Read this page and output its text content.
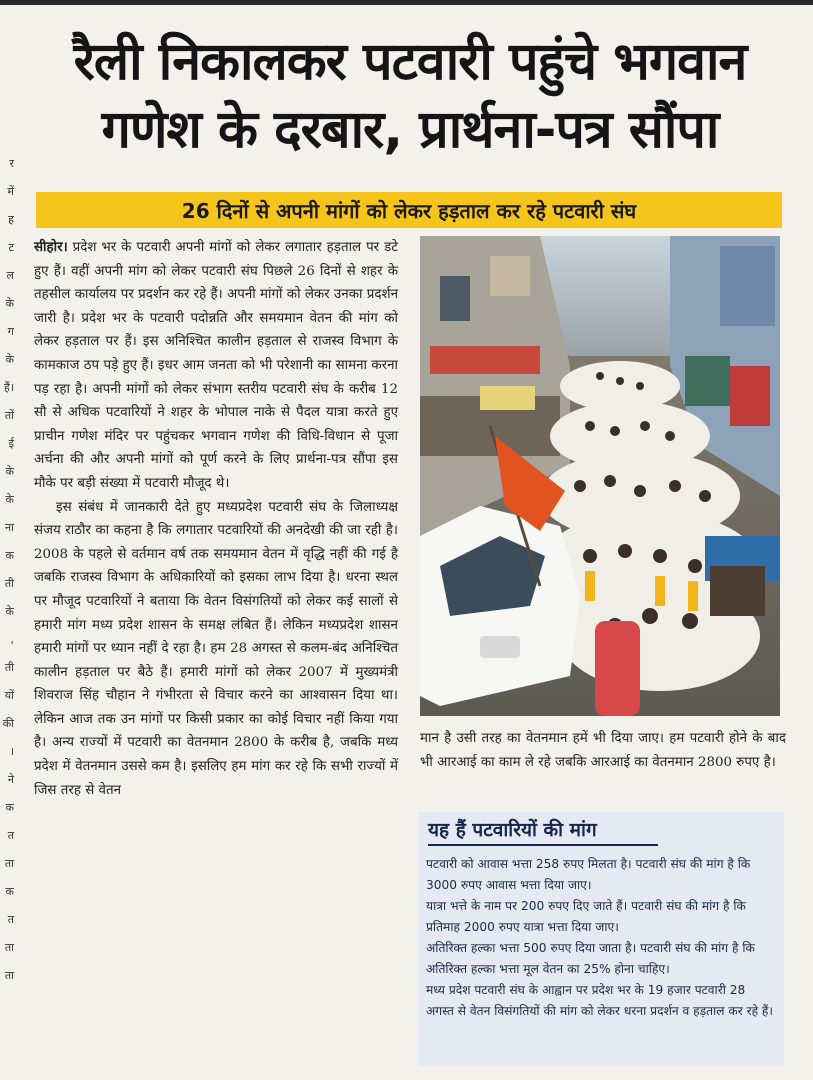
र
में
ह
ट
ल
के
ग
के
हैं।
तों
ई
के
के
ना
क
ती
के
,
ती
यों
की
।
ने
क
त
ता
क
त
ता
ता
रैली निकालकर पटवारी पहुंचे भगवान गणेश के दरबार, प्रार्थना-पत्र सौंपा
26 दिनों से अपनी मांगों को लेकर हड़ताल कर रहे पटवारी संघ

सीहोर। प्रदेश भर के पटवारी अपनी मांगों को लेकर लगातार हड़ताल पर डटे हुए हैं। वहीं अपनी मांग को लेकर पटवारी संघ पिछले 26 दिनों से शहर के तहसील कार्यालय पर प्रदर्शन कर रहे हैं। अपनी मांगों को लेकर उनका प्रदर्शन जारी है। प्रदेश भर के पटवारी पदोन्नति और समयमान वेतन की मांग को लेकर हड़ताल पर हैं। इस अनिश्चित कालीन हड़ताल से राजस्व विभाग के कामकाज ठप पड़े हुए हैं। इधर आम जनता को भी परेशानी का सामना करना पड़ रहा है। अपनी मांगों को लेकर संभाग स्तरीय पटवारी संघ के करीब 12 सौ से अधिक पटवारियों ने शहर के भोपाल नाके से पैदल यात्रा करते हुए प्राचीन गणेश मंदिर पर पहुंचकर भगवान गणेश की विधि-विधान से पूजा अर्चना की और अपनी मांगों को पूर्ण करने के लिए प्रार्थना-पत्र सौंपा इस मौके पर बड़ी संख्या में पटवारी मौजूद थे।

इस संबंध में जानकारी देते हुए मध्यप्रदेश पटवारी संघ के जिलाध्यक्ष संजय राठौर का कहना है कि लगातार पटवारियों की अनदेखी की जा रही है। 2008 के पहले से वर्तमान वर्ष तक समयमान वेतन में वृद्धि नहीं की गई है जबकि राजस्व विभाग के अधिकारियों को इसका लाभ दिया है। धरना स्थल पर मौजूद पटवारियों ने बताया कि वेतन विसंगतियों को लेकर कई सालों से हमारी मांग मध्य प्रदेश शासन के समक्ष लंबित हैं। लेकिन मध्यप्रदेश शासन हमारी मांगों पर ध्यान नहीं दे रहा है। हम 28 अगस्त से कलम-बंद अनिश्चित कालीन हड़ताल पर बैठे हैं। हमारी मांगों को लेकर 2007 में मुख्यमंत्री शिवराज सिंह चौहान ने गंभीरता से विचार करने का आश्वासन दिया था। लेकिन आज तक उन मांगों पर किसी प्रकार का कोई विचार नहीं किया गया है। अन्य राज्यों में पटवारी का वेतनमान 2800 के करीब है, जबकि मध्य प्रदेश में वेतनमान उससे कम है। इसलिए हम मांग कर रहे कि सभी राज्यों में जिस तरह से वेतन

मान है उसी तरह का वेतनमान हमें भी दिया जाए। हम पटवारी होने के बाद भी आरआई का काम ले रहे जबकि आरआई का वेतनमान 2800 रुपए है।
यह हैं पटवारियों की मांग

पटवारी को आवास भत्ता 258 रुपए मिलता है। पटवारी संघ की मांग है कि 3000 रुपए आवास भत्ता दिया जाए।

यात्रा भत्ते के नाम पर 200 रुपए दिए जाते हैं। पटवारी संघ की मांग है कि प्रतिमाह 2000 रुपए यात्रा भत्ता दिया जाए।

अतिरिक्त हल्का भत्ता 500 रुपए दिया जाता है। पटवारी संघ की मांग है कि अतिरिक्त हल्का भत्ता मूल वेतन का 25% होना चाहिए।

मध्य प्रदेश पटवारी संघ के आह्वान पर प्रदेश भर के 19 हजार पटवारी 28 अगस्त से वेतन विसंगतियों की मांग को लेकर धरना प्रदर्शन व हड़ताल कर रहे हैं।
